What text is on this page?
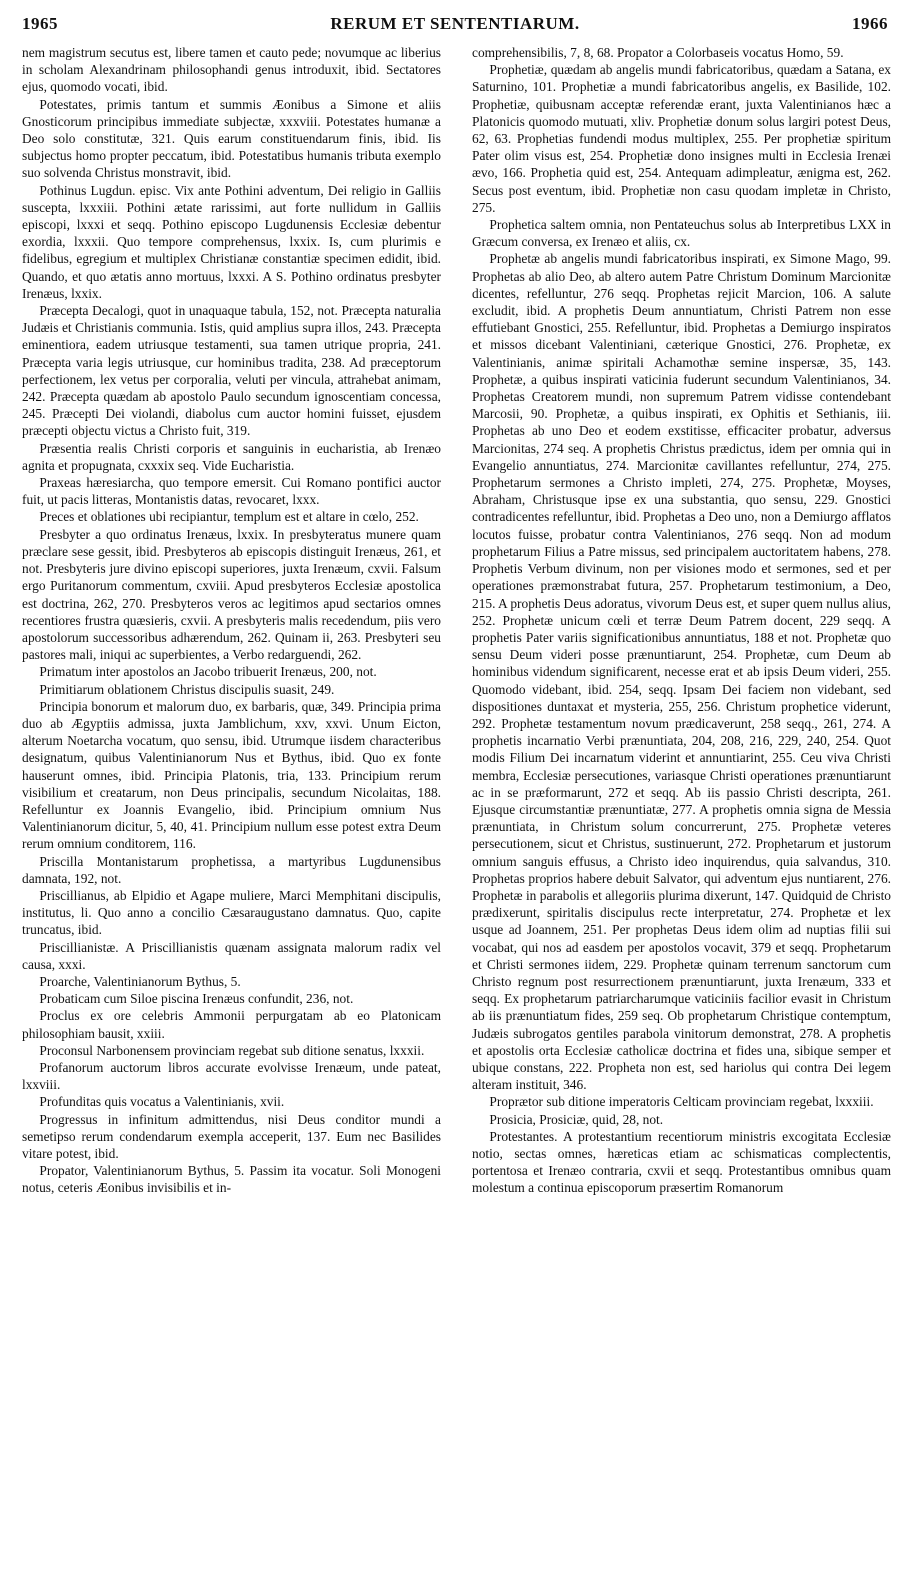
1965	RERUM ET SENTENTIARUM.	1966

nem magistrum secutus est, libere tamen et cauto pede; novumque ac liberius in scholam Alexandrinam philosophandi genus introduxit, ibid. Sectatores ejus, quomodo vocati, ibid.

Potestates, primis tantum et summis Æonibus a Simone et aliis Gnosticorum principibus immediate subjectæ, xxxviii. Potestates humanæ a Deo solo constitutæ, 321. Quis earum constituendarum finis, ibid. Iis subjectus homo propter peccatum, ibid. Potestatibus humanis tributa exemplo suo solvenda Christus monstravit, ibid.

Pothinus Lugdun. episc. Vix ante Pothini adventum, Dei religio in Galliis suscepta, lxxxiii. Pothini ætate rarissimi, aut forte nullidum in Galliis episcopi, lxxxi et seqq. Pothino episcopo Lugdunensis Ecclesiæ debentur exordia, lxxxii. Quo tempore comprehensus, lxxix. Is, cum plurimis e fidelibus, egregium et multiplex Christianæ constantiæ specimen edidit, ibid. Quando, et quo ætatis anno mortuus, lxxxi. A S. Pothino ordinatus presbyter Irenæus, lxxix.

Præcepta Decalogi, quot in unaquaque tabula, 152, not. Præcepta naturalia Judæis et Christianis communia. Istis, quid amplius supra illos, 243. Præcepta eminentiora, eadem utriusque testamenti, sua tamen utrique propria, 241. Præcepta varia legis utriusque, cur hominibus tradita, 238. Ad præceptorum perfectionem, lex vetus per corporalia, veluti per vincula, attrahebat animam, 242. Præcepta quædam ab apostolo Paulo secundum ignoscentiam concessa, 245. Præcepti Dei violandi, diabolus cum auctor homini fuisset, ejusdem præcepti objectu victus a Christo fuit, 319.

Præsentia realis Christi corporis et sanguinis in eucharistia, ab Irenæo agnita et propugnata, cxxxix seq. Vide Eucharistia.

Praxeas hæresiarcha, quo tempore emersit. Cui Romano pontifici auctor fuit, ut pacis litteras, Montanistis datas, revocaret, lxxx.

Preces et oblationes ubi recipiantur, templum est et altare in cœlo, 252.

Presbyter a quo ordinatus Irenæus, lxxix. In presbyteratus munere quam præclare sese gessit, ibid. Presbyteros ab episcopis distinguit Irenæus, 261, et not. Presbyteris jure divino episcopi superiores, juxta Irenæum, cxvii. Falsum ergo Puritanorum commentum, cxviii. Apud presbyteros Ecclesiæ apostolica est doctrina, 262, 270. Presbyteros veros ac legitimos apud sectarios omnes recentiores frustra quæsieris, cxvii. A presbyteris malis recedendum, piis vero apostolorum successoribus adhærendum, 262. Quinam ii, 263. Presbyteri seu pastores mali, iniqui ac superbientes, a Verbo redarguendi, 262.

Primatum inter apostolos an Jacobo tribuerit Irenæus, 200, not.

Primitiarum oblationem Christus discipulis suasit, 249.

Principia bonorum et malorum duo, ex barbaris, quæ, 349. Principia prima duo ab Ægyptiis admissa, juxta Jamblichum, xxv, xxvi. Unum Eicton, alterum Noetarcha vocatum, quo sensu, ibid. Utrumque iisdem characteribus designatum, quibus Valentinianorum Nus et Bythus, ibid. Quo ex fonte hauserunt omnes, ibid. Principia Platonis, tria, 133. Principium rerum visibilium et creatarum, non Deus principalis, secundum Nicolaitas, 188. Refelluntur ex Joannis Evangelio, ibid. Principium omnium Nus Valentinianorum dicitur, 5, 40, 41. Principium nullum esse potest extra Deum rerum omnium conditorem, 116.

Priscilla Montanistarum prophetissa, a martyribus Lugdunensibus damnata, 192, not.

Priscillianus, ab Elpidio et Agape muliere, Marci Memphitani discipulis, institutus, li. Quo anno a concilio Cæsaraugustano damnatus. Quo, capite truncatus, ibid.

Priscillianistæ. A Priscillianistis quænam assignata malorum radix vel causa, xxxi.

Proarche, Valentinianorum Bythus, 5.

Probaticam cum Siloe piscina Irenæus confundit, 236, not.

Proclus ex ore celebris Ammonii perpurgatam ab eo Platonicam philosophiam bausit, xxiii.

Proconsul Narbonensem provinciam regebat sub ditione senatus, lxxxii.

Profanorum auctorum libros accurate evolvisse Irenæum, unde pateat, lxxviii.

Profunditas quis vocatus a Valentinianis, xvii.

Progressus in infinitum admittendus, nisi Deus conditor mundi a semetipso rerum condendarum exempla acceperit, 137. Eum nec Basilides vitare potest, ibid.

Propator, Valentinianorum Bythus, 5. Passim ita vocatur. Soli Monogeni notus, ceteris Æonibus invisibilis et in-

comprehensibilis, 7, 8, 68. Propator a Colorbaseis vocatus Homo, 59.

Prophetiæ, quædam ab angelis mundi fabricatoribus, quædam a Satana, ex Saturnino, 101. Prophetiæ a mundi fabricatoribus angelis, ex Basilide, 102. Prophetiæ, quibusnam acceptæ referendæ erant, juxta Valentinianos hæc a Platonicis quomodo mutuati, xliv. Prophetiæ donum solus largiri potest Deus, 62, 63. Prophetias fundendi modus multiplex, 255. Per prophetiæ spiritum Pater olim visus est, 254. Prophetiæ dono insignes multi in Ecclesia Irenæi ævo, 166. Prophetia quid est, 254. Antequam adimpleatur, ænigma est, 262. Secus post eventum, ibid. Prophetiæ non casu quodam impletæ in Christo, 275.

Prophetica saltem omnia, non Pentateuchus solus ab Interpretibus LXX in Græcum conversa, ex Irenæo et aliis, cx.

Prophetæ ab angelis mundi fabricatoribus inspirati, ex Simone Mago, 99. Prophetas ab alio Deo, ab altero autem Patre Christum Dominum Marcionitæ dicentes, refelluntur, 276 seqq. Prophetas rejicit Marcion, 106. A salute excludit, ibid. A prophetis Deum annuntiatum, Christi Patrem non esse effutiebant Gnostici, 255. Refelluntur, ibid. Prophetas a Demiurgo inspiratos et missos dicebant Valentiniani, cæterique Gnostici, 276. Prophetæ, ex Valentinianis, animæ spiritali Achamothæ semine inspersæ, 35, 143. Prophetæ, a quibus inspirati vaticinia fuderunt secundum Valentinianos, 34. Prophetas Creatorem mundi, non supremum Patrem vidisse contendebant Marcosii, 90. Prophetæ, a quibus inspirati, ex Ophitis et Sethianis, iii. Prophetas ab uno Deo et eodem exstitisse, efficaciter probatur, adversus Marcionitas, 274 seq. A prophetis Christus prædictus, idem per omnia qui in Evangelio annuntiatus, 274. Marcionitæ cavillantes refelluntur, 274, 275. Prophetarum sermones a Christo impleti, 274, 275. Prophetæ, Moyses, Abraham, Christusque ipse ex una substantia, quo sensu, 229. Gnostici contradicentes refelluntur, ibid. Prophetas a Deo uno, non a Demiurgo afflatos locutos fuisse, probatur contra Valentinianos, 276 seqq. Non ad modum prophetarum Filius a Patre missus, sed principalem auctoritatem habens, 278. Prophetis Verbum divinum, non per visiones modo et sermones, sed et per operationes præmonstrabat futura, 257. Prophetarum testimonium, a Deo, 215. A prophetis Deus adoratus, vivorum Deus est, et super quem nullus alius, 252. Prophetæ unicum cœli et terræ Deum Patrem docent, 229 seqq. A prophetis Pater variis significationibus annuntiatus, 188 et not. Prophetæ quo sensu Deum videri posse prænuntiarunt, 254. Prophetæ, cum Deum ab hominibus videndum significarent, necesse erat et ab ipsis Deum videri, 255. Quomodo videbant, ibid. 254, seqq. Ipsam Dei faciem non videbant, sed dispositiones duntaxat et mysteria, 255, 256. Christum prophetice viderunt, 292. Prophetæ testamentum novum prædicaverunt, 258 seqq., 261, 274. A prophetis incarnatio Verbi prænuntiata, 204, 208, 216, 229, 240, 254. Quot modis Filium Dei incarnatum viderint et annuntiarint, 255. Ceu viva Christi membra, Ecclesiæ persecutiones, variasque Christi operationes prænuntiarunt ac in se præformarunt, 272 et seqq. Ab iis passio Christi descripta, 261. Ejusque circumstantiæ prænuntiatæ, 277. A prophetis omnia signa de Messia prænuntiata, in Christum solum concurrerunt, 275. Prophetæ veteres persecutionem, sicut et Christus, sustinuerunt, 272. Prophetarum et justorum omnium sanguis effusus, a Christo ideo inquirendus, quia salvandus, 310. Prophetas proprios habere debuit Salvator, qui adventum ejus nuntiarent, 276. Prophetæ in parabolis et allegoriis plurima dixerunt, 147. Quidquid de Christo prædixerunt, spiritalis discipulus recte interpretatur, 274. Prophetæ et lex usque ad Joannem, 251. Per prophetas Deus idem olim ad nuptias filii sui vocabat, qui nos ad easdem per apostolos vocavit, 379 et seqq. Prophetarum et Christi sermones iidem, 229. Prophetæ quinam terrenum sanctorum cum Christo regnum post resurrectionem prænuntiarunt, juxta Irenæum, 333 et seqq. Ex prophetarum patriarcharumque vaticiniis facilior evasit in Christum ab iis prænuntiatum fides, 259 seq. Ob prophetarum Christique contemptum, Judæis subrogatos gentiles parabola vinitorum demonstrat, 278. A prophetis et apostolis orta Ecclesiæ catholicæ doctrina et fides una, sibique semper et ubique constans, 222. Propheta non est, sed hariolus qui contra Dei legem alteram instituit, 346.

Proprætor sub ditione imperatoris Celticam provinciam regebat, lxxxiii.

Prosicia, Prosiciæ, quid, 28, not.

Protestantes. A protestantium recentiorum ministris excogitata Ecclesiæ notio, sectas omnes, hæreticas etiam ac schismaticas complectentis, portentosa et Irenæo contraria, cxvii et seqq. Protestantibus omnibus quam molestum a continua episcoporum præsertim Romanorum
